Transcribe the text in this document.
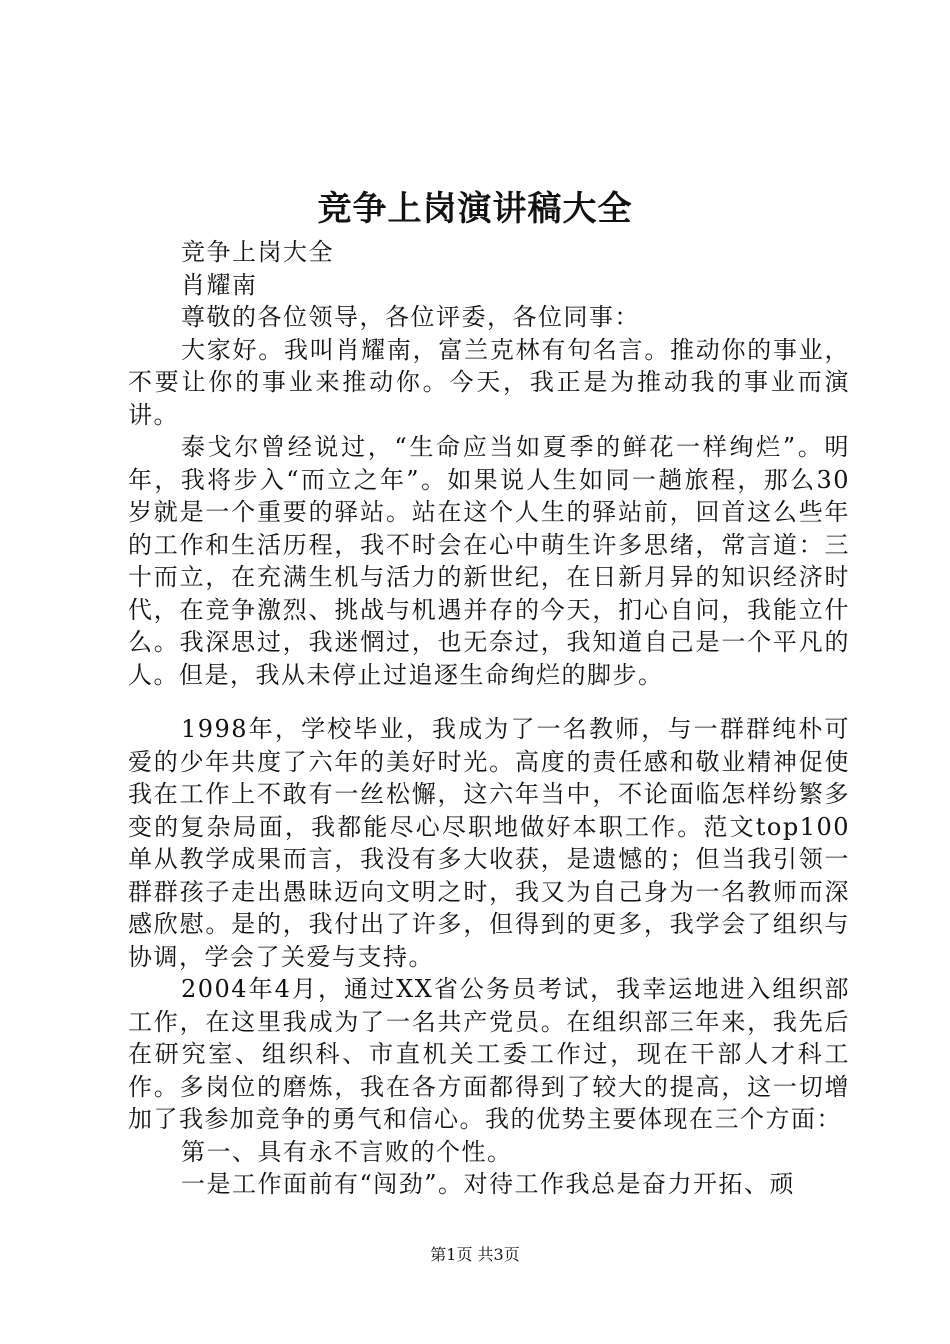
竞争上岗演讲稿大全

竞争上岗大全

肖耀南

尊敬的各位领导，各位评委，各位同事：

大家好。我叫肖耀南，富兰克林有句名言。推动你的事业，不要让你的事业来推动你。今天，我正是为推动我的事业而演讲。

泰戈尔曾经说过，“生命应当如夏季的鲜花一样绚烂”。明年，我将步入“而立之年”。如果说人生如同一趟旅程，那么30岁就是一个重要的驿站。站在这个人生的驿站前，回首这么些年的工作和生活历程，我不时会在心中萌生许多思绪，常言道：三十而立，在充满生机与活力的新世纪，在日新月异的知识经济时代，在竞争激烈、挑战与机遇并存的今天，扪心自问，我能立什么。我深思过，我迷惘过，也无奈过，我知道自己是一个平凡的人。但是，我从未停止过追逐生命绚烂的脚步。

1998年，学校毕业，我成为了一名教师，与一群群纯朴可爱的少年共度了六年的美好时光。高度的责任感和敬业精神促使我在工作上不敢有一丝松懈，这六年当中，不论面临怎样纷繁多变的复杂局面，我都能尽心尽职地做好本职工作。范文top100单从教学成果而言，我没有多大收获，是遗憾的；但当我引领一群群孩子走出愚昧迈向文明之时，我又为自己身为一名教师而深感欣慰。是的，我付出了许多，但得到的更多，我学会了组织与协调，学会了关爱与支持。

2004年4月，通过XX省公务员考试，我幸运地进入组织部工作，在这里我成为了一名共产党员。在组织部三年来，我先后在研究室、组织科、市直机关工委工作过，现在干部人才科工作。多岗位的磨炼，我在各方面都得到了较大的提高，这一切增加了我参加竞争的勇气和信心。我的优势主要体现在三个方面：

第一、具有永不言败的个性。

一是工作面前有“闯劲”。对待工作我总是奋力开拓、顽

第1页 共3页
